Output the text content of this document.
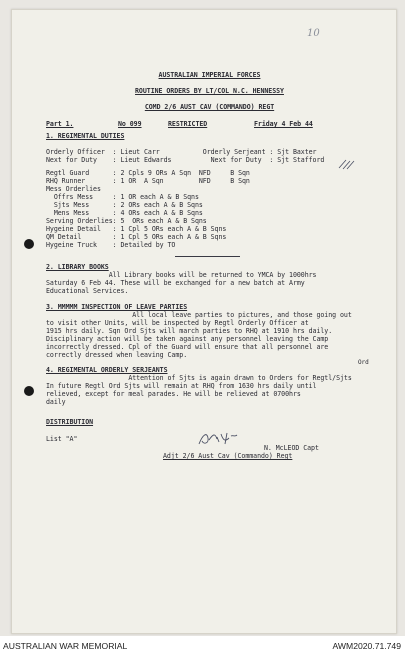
10
AUSTRALIAN IMPERIAL FORCES
ROUTINE ORDERS BY LT/COL N.C. HENNESSY
COMD 2/6 AUST CAV (COMMANDO) REGT
Part 1.	No 099	RESTRICTED	Friday 4 Feb 44
1. REGIMENTAL DUTIES
Orderly Officer  : Lieut Carr           Orderly Serjeant : Sjt Baxter
Next for Duty    : Lieut Edwards          Next for Duty  : Sjt Stafford
Regtl Guard      : 2 Cpls 9 ORs A Sqn  NFD     B Sqn
RHQ Runner       : 1 OR  A Sqn         NFD     B Sqn
Mess Orderlies
Offrs Mess     : 1 OR each A & B Sqns
Sjts Mess      : 2 ORs each A & B Sqns
Mens Mess      : 4 ORs each A & B Sqns
Serving Orderlies: 5  ORs each A & B Sqns
Hygeine Detail   : 1 Cpl 5 ORs each A & B Sqns
QM Detail        : 1 Cpl 5 ORs each A & B Sqns
Hygeine Truck    : Detailed by TO
2. LIBRARY BOOKS
All Library books will be returned to YMCA by 1000hrs
Saturday 6 Feb 44. These will be exchanged for a new batch at Army
Educational Services.
3. MMMMM INSPECTION OF LEAVE PARTIES
All local leave parties to pictures, and those going out
to visit other Units, will be inspected by Regtl Orderly Officer at
1915 hrs daily. Sqn Ord Sjts will march parties to RHQ at 1910 hrs daily.
Disciplinary action will be taken against any personnel leaving the Camp
incorrectly dressed. Cpl of the Guard will ensure that all personnel are
correctly dressed when leaving Camp.
Ord
4. REGIMENTAL ORDERLY SERJEANTS
Attention of Sjts is again drawn to Orders for Regtl/Sjts
In future Regtl Ord Sjts will remain at RHQ from 1630 hrs daily until
relieved, except for meal parades. He will be relieved at 0700hrs
daily
DISTRIBUTION
List "A"
N. McLEOD Capt
Adjt 2/6 Aust Cav (Commando) Regt
AUSTRALIAN WAR MEMORIAL	AWM2020.71.749
